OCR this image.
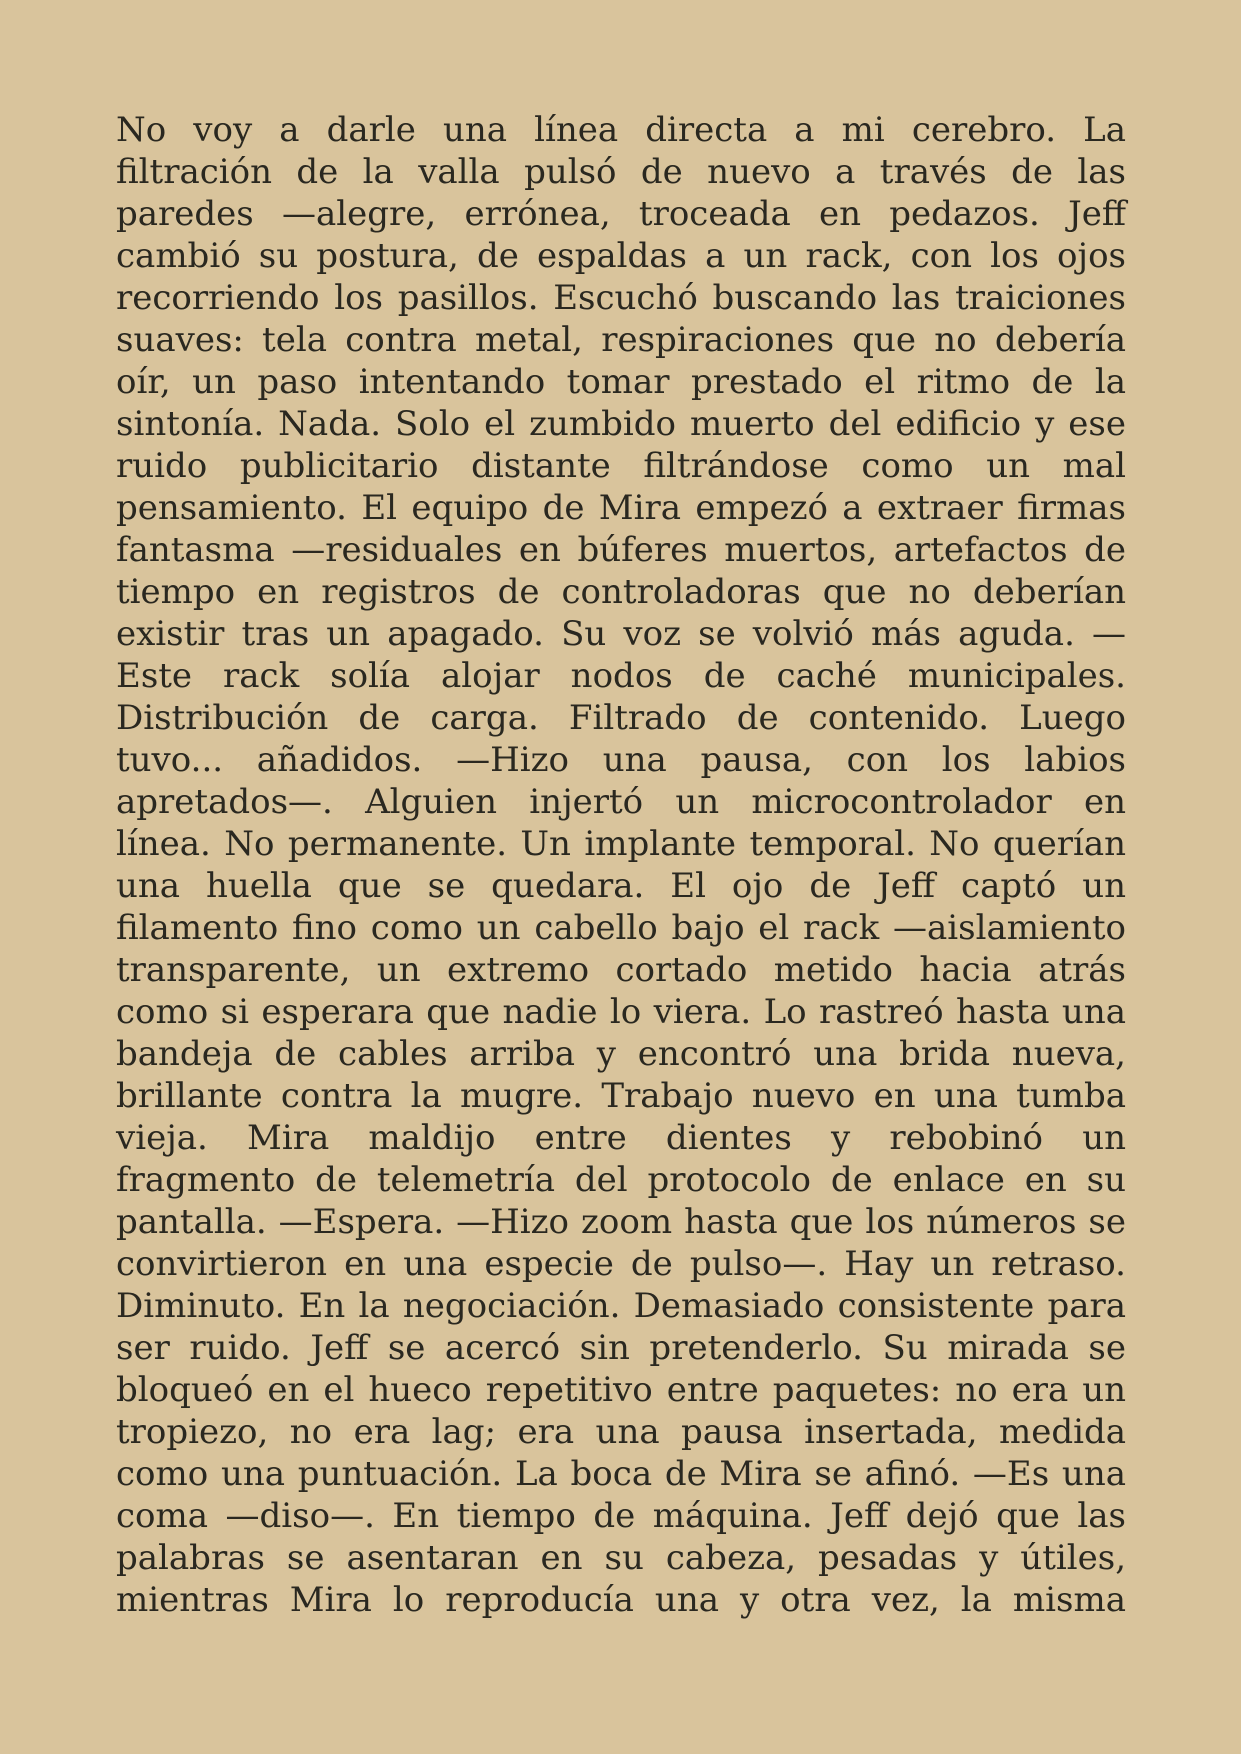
No voy a darle una línea directa a mi cerebro. La
filtración de la valla pulsó de nuevo a través de las
paredes —alegre, errónea, troceada en pedazos. Jeff
cambió su postura, de espaldas a un rack, con los ojos
recorriendo los pasillos. Escuchó buscando las traiciones
suaves: tela contra metal, respiraciones que no debería
oír, un paso intentando tomar prestado el ritmo de la
sintonía. Nada. Solo el zumbido muerto del edificio y ese
ruido publicitario distante filtrándose como un mal
pensamiento. El equipo de Mira empezó a extraer firmas
fantasma —residuales en búferes muertos, artefactos de
tiempo en registros de controladoras que no deberían
existir tras un apagado. Su voz se volvió más aguda. —
Este rack solía alojar nodos de caché municipales.
Distribución de carga. Filtrado de contenido. Luego
tuvo... añadidos. —Hizo una pausa, con los labios
apretados—. Alguien injertó un microcontrolador en
línea. No permanente. Un implante temporal. No querían
una huella que se quedara. El ojo de Jeff captó un
filamento fino como un cabello bajo el rack —aislamiento
transparente, un extremo cortado metido hacia atrás
como si esperara que nadie lo viera. Lo rastreó hasta una
bandeja de cables arriba y encontró una brida nueva,
brillante contra la mugre. Trabajo nuevo en una tumba
vieja. Mira maldijo entre dientes y rebobinó un
fragmento de telemetría del protocolo de enlace en su
pantalla. —Espera. —Hizo zoom hasta que los números se
convirtieron en una especie de pulso—. Hay un retraso.
Diminuto. En la negociación. Demasiado consistente para
ser ruido. Jeff se acercó sin pretenderlo. Su mirada se
bloqueó en el hueco repetitivo entre paquetes: no era un
tropiezo, no era lag; era una pausa insertada, medida
como una puntuación. La boca de Mira se afinó. —Es una
coma —diso—. En tiempo de máquina. Jeff dejó que las
palabras se asentaran en su cabeza, pesadas y útiles,
mientras Mira lo reproducía una y otra vez, la misma
